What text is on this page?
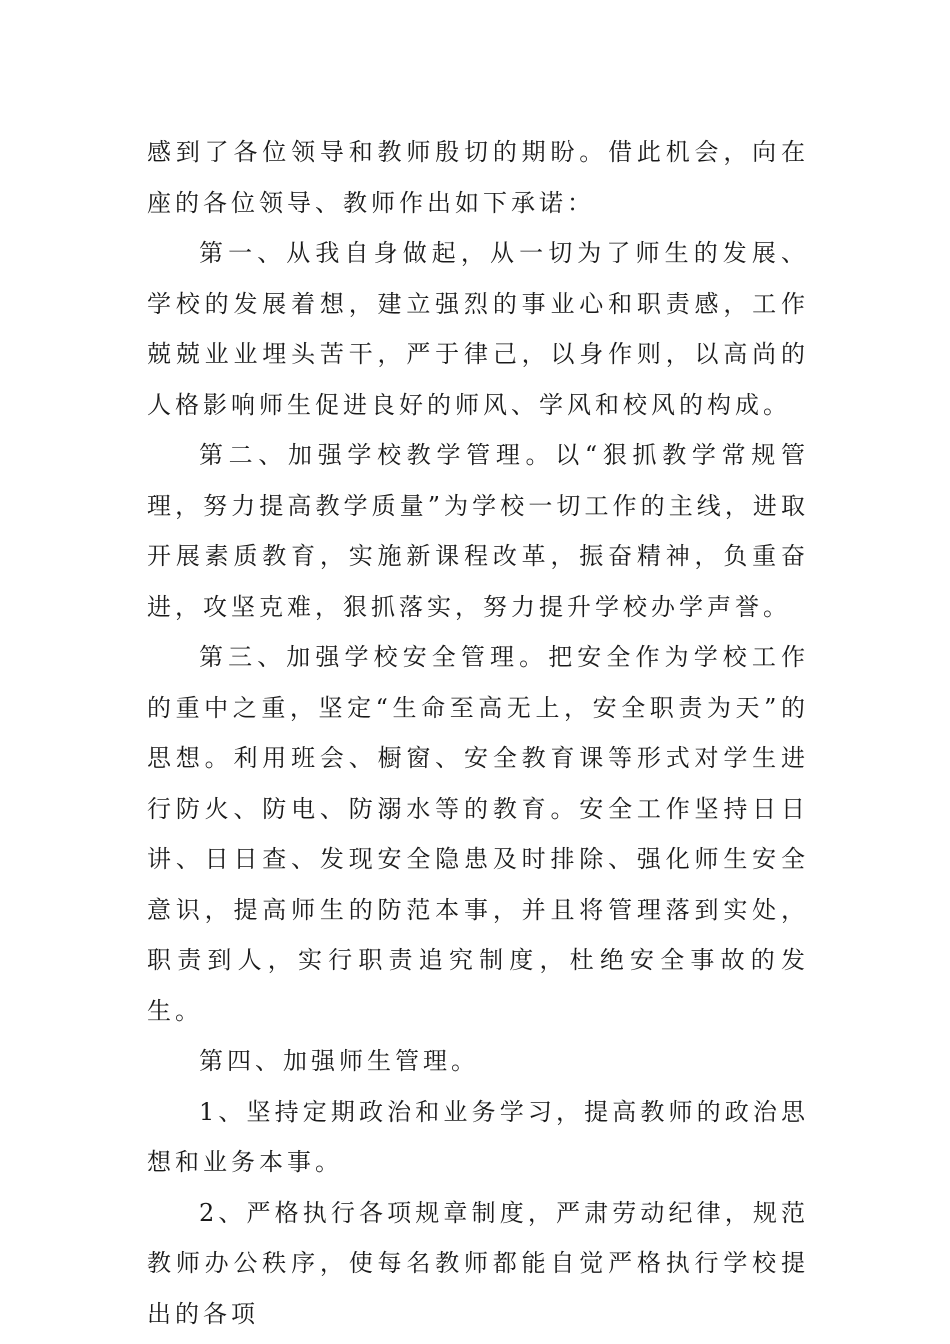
感到了各位领导和教师殷切的期盼。借此机会，向在座的各位领导、教师作出如下承诺：

第一、从我自身做起，从一切为了师生的发展、学校的发展着想，建立强烈的事业心和职责感，工作兢兢业业埋头苦干，严于律己，以身作则，以高尚的人格影响师生促进良好的师风、学风和校风的构成。

第二、加强学校教学管理。以“狠抓教学常规管理，努力提高教学质量”为学校一切工作的主线，进取开展素质教育，实施新课程改革，振奋精神，负重奋进，攻坚克难，狠抓落实，努力提升学校办学声誉。

第三、加强学校安全管理。把安全作为学校工作的重中之重，坚定“生命至高无上，安全职责为天”的思想。利用班会、橱窗、安全教育课等形式对学生进行防火、防电、防溺水等的教育。安全工作坚持日日讲、日日查、发现安全隐患及时排除、强化师生安全意识，提高师生的防范本事，并且将管理落到实处，职责到人，实行职责追究制度，杜绝安全事故的发生。

第四、加强师生管理。

1、坚持定期政治和业务学习，提高教师的政治思想和业务本事。

2、严格执行各项规章制度，严肃劳动纪律，规范教师办公秩序，使每名教师都能自觉严格执行学校提出的各项
